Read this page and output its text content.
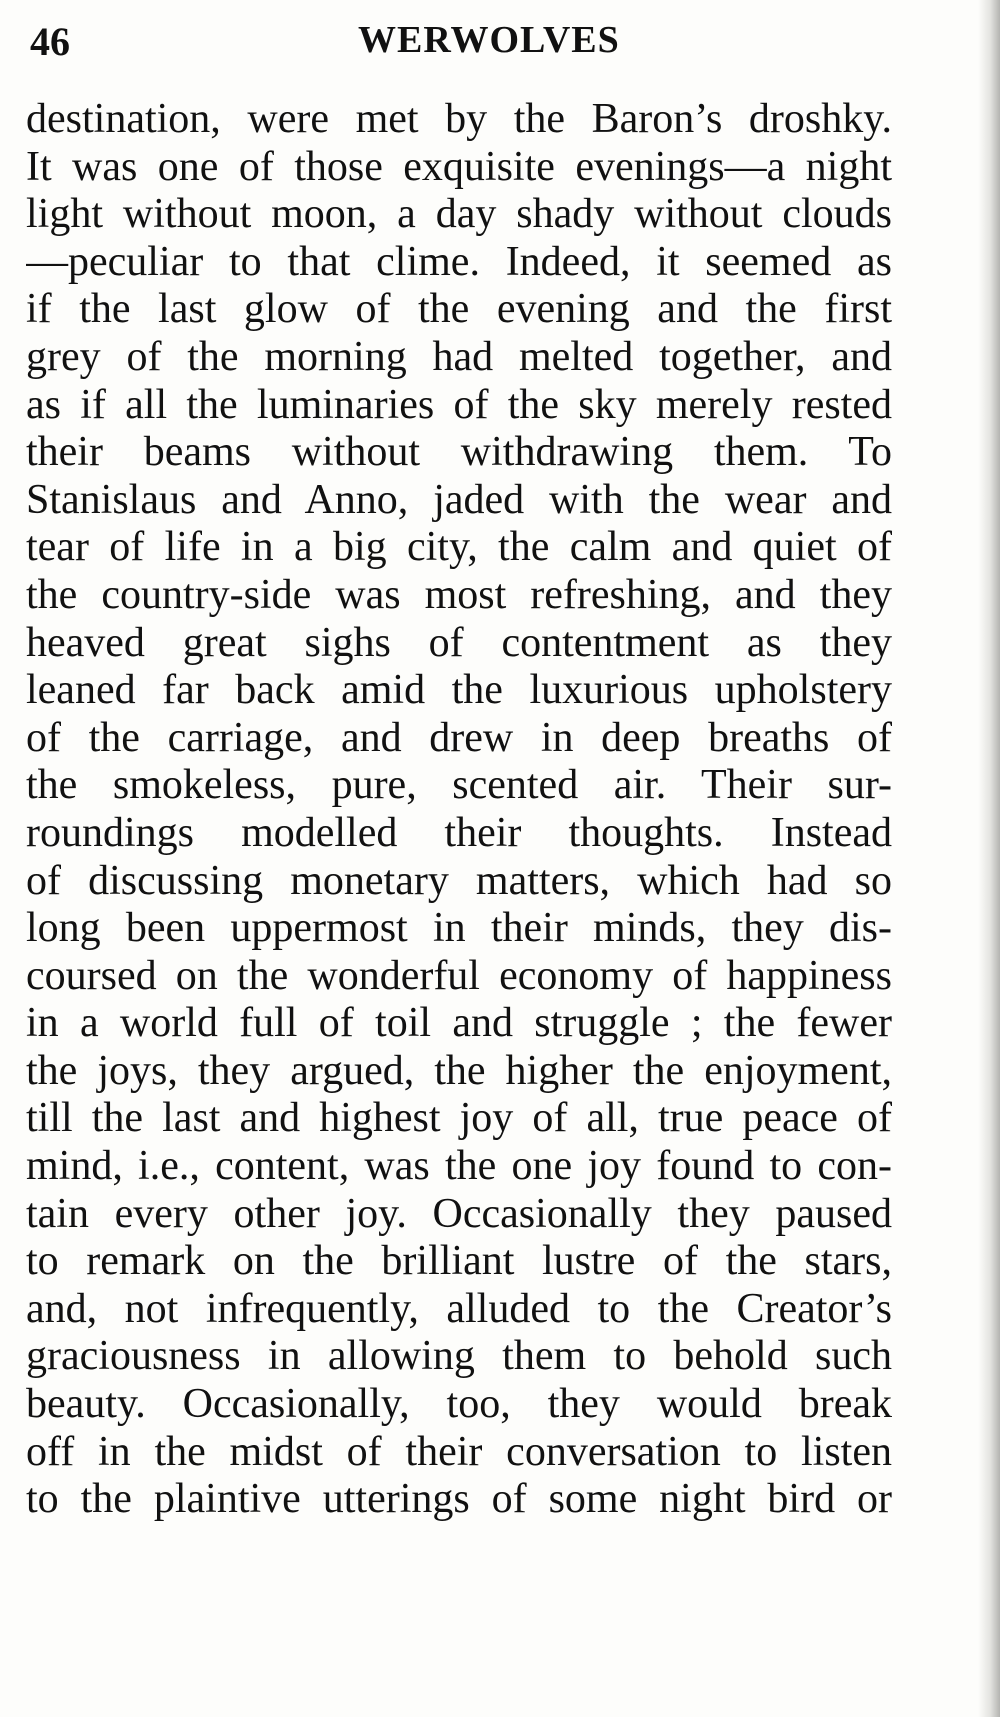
46	WERWOLVES
destination, were met by the Baron’s droshky.
It was one of those exquisite evenings—a night
light without moon, a day shady without clouds
—peculiar to that clime. Indeed, it seemed as
if the last glow of the evening and the first
grey of the morning had melted together, and
as if all the luminaries of the sky merely rested
their beams without withdrawing them. To
Stanislaus and Anno, jaded with the wear and
tear of life in a big city, the calm and quiet of
the country-side was most refreshing, and they
heaved great sighs of contentment as they
leaned far back amid the luxurious upholstery
of the carriage, and drew in deep breaths of
the smokeless, pure, scented air. Their sur-
roundings modelled their thoughts. Instead
of discussing monetary matters, which had so
long been uppermost in their minds, they dis-
coursed on the wonderful economy of happiness
in a world full of toil and struggle ; the fewer
the joys, they argued, the higher the enjoyment,
till the last and highest joy of all, true peace of
mind, i.e., content, was the one joy found to con-
tain every other joy. Occasionally they paused
to remark on the brilliant lustre of the stars,
and, not infrequently, alluded to the Creator’s
graciousness in allowing them to behold such
beauty. Occasionally, too, they would break
off in the midst of their conversation to listen
to the plaintive utterings of some night bird or
